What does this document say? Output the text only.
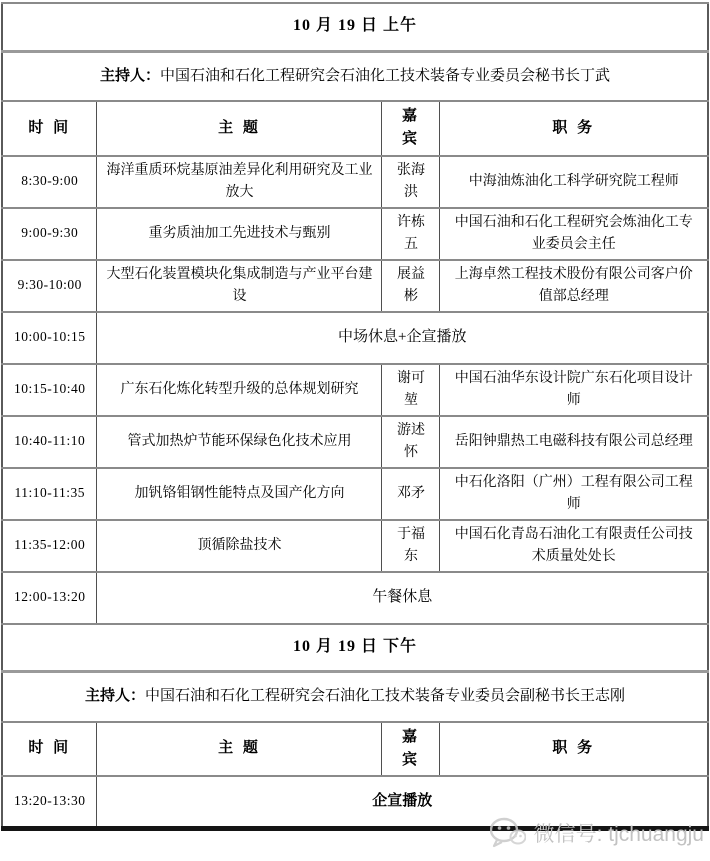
10 月 19 日 上午			
主持人：中国石油和石化工程研究会石油化工技术装备专业委员会秘书长丁武			
时 间	主 题	嘉 宾	职 务
8:30-9:00	海洋重质环烷基原油差异化利用研究及工业放大	张海洪	中海油炼油化工科学研究院工程师
9:00-9:30	重劣质油加工先进技术与甄别	许栋五	中国石油和石化工程研究会炼油化工专业委员会主任
9:30-10:00	大型石化装置模块化集成制造与产业平台建设	展益彬	上海卓然工程技术股份有限公司客户价值部总经理
10:00-10:15	中场休息+企宣播放		
10:15-10:40	广东石化炼化转型升级的总体规划研究	谢可堃	中国石油华东设计院广东石化项目设计师
10:40-11:10	管式加热炉节能环保绿色化技术应用	游述怀	岳阳钟鼎热工电磁科技有限公司总经理
11:10-11:35	加钒铬钼钢性能特点及国产化方向	邓矛	中石化洛阳（广州）工程有限公司工程师
11:35-12:00	顶循除盐技术	于福东	中国石化青岛石油化工有限责任公司技术质量处处长
12:00-13:20	午餐休息		
10 月 19 日 下午			
主持人：中国石油和石化工程研究会石油化工技术装备专业委员会副秘书长王志刚			
时 间	主 题	嘉 宾	职 务
13:20-13:30	企宣播放		
微信号: tjchuangju
